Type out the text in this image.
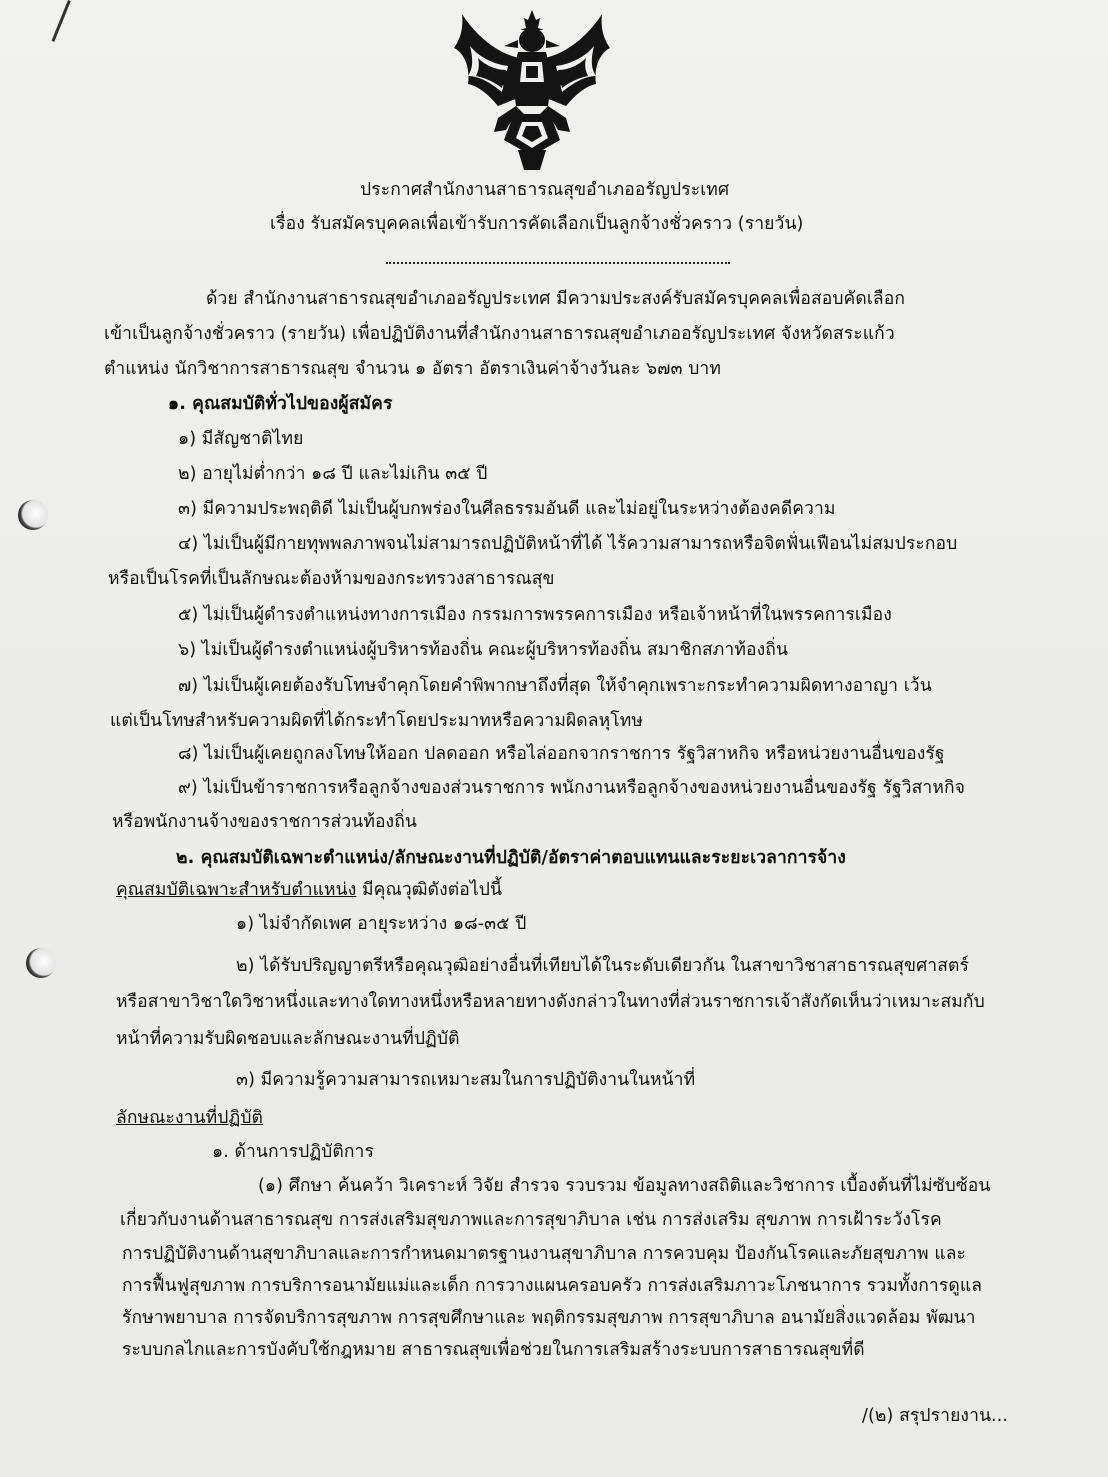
ประกาศสำนักงานสาธารณสุขอำเภออรัญประเทศ
เรื่อง รับสมัครบุคคลเพื่อเข้ารับการคัดเลือกเป็นลูกจ้างชั่วคราว (รายวัน)
ด้วย สำนักงานสาธารณสุขอำเภออรัญประเทศ มีความประสงค์รับสมัครบุคคลเพื่อสอบคัดเลือก
เข้าเป็นลูกจ้างชั่วคราว (รายวัน) เพื่อปฏิบัติงานที่สำนักงานสาธารณสุขอำเภออรัญประเทศ จังหวัดสระแก้ว
ตำแหน่ง นักวิชาการสาธารณสุข จำนวน ๑ อัตรา อัตราเงินค่าจ้างวันละ ๖๗๓ บาท
๑. คุณสมบัติทั่วไปของผู้สมัคร
๑) มีสัญชาติไทย
๒) อายุไม่ต่ำกว่า ๑๘ ปี และไม่เกิน ๓๕ ปี
๓) มีความประพฤติดี ไม่เป็นผู้บกพร่องในศีลธรรมอันดี และไม่อยู่ในระหว่างต้องคดีความ
๔) ไม่เป็นผู้มีกายทุพพลภาพจนไม่สามารถปฏิบัติหน้าที่ได้ ไร้ความสามารถหรือจิตฟั่นเฟือนไม่สมประกอบ
หรือเป็นโรคที่เป็นลักษณะต้องห้ามของกระทรวงสาธารณสุข
๕) ไม่เป็นผู้ดำรงตำแหน่งทางการเมือง กรรมการพรรคการเมือง หรือเจ้าหน้าที่ในพรรคการเมือง
๖) ไม่เป็นผู้ดำรงตำแหน่งผู้บริหารท้องถิ่น คณะผู้บริหารท้องถิ่น สมาชิกสภาท้องถิ่น
๗) ไม่เป็นผู้เคยต้องรับโทษจำคุกโดยคำพิพากษาถึงที่สุด ให้จำคุกเพราะกระทำความผิดทางอาญา เว้น
แต่เป็นโทษสำหรับความผิดที่ได้กระทำโดยประมาทหรือความผิดลหุโทษ
๘) ไม่เป็นผู้เคยถูกลงโทษให้ออก ปลดออก หรือไล่ออกจากราชการ รัฐวิสาหกิจ หรือหน่วยงานอื่นของรัฐ
๙) ไม่เป็นข้าราชการหรือลูกจ้างของส่วนราชการ พนักงานหรือลูกจ้างของหน่วยงานอื่นของรัฐ รัฐวิสาหกิจ
หรือพนักงานจ้างของราชการส่วนท้องถิ่น
๒. คุณสมบัติเฉพาะตำแหน่ง/ลักษณะงานที่ปฏิบัติ/อัตราค่าตอบแทนและระยะเวลาการจ้าง
คุณสมบัติเฉพาะสำหรับตำแหน่ง มีคุณวุฒิดังต่อไปนี้
๑) ไม่จำกัดเพศ อายุระหว่าง ๑๘-๓๕ ปี
๒) ได้รับปริญญาตรีหรือคุณวุฒิอย่างอื่นที่เทียบได้ในระดับเดียวกัน ในสาขาวิชาสาธารณสุขศาสตร์
หรือสาขาวิชาใดวิชาหนึ่งและทางใดทางหนึ่งหรือหลายทางดังกล่าวในทางที่ส่วนราชการเจ้าสังกัดเห็นว่าเหมาะสมกับ
หน้าที่ความรับผิดชอบและลักษณะงานที่ปฏิบัติ
๓) มีความรู้ความสามารถเหมาะสมในการปฏิบัติงานในหน้าที่
ลักษณะงานที่ปฏิบัติ
๑. ด้านการปฏิบัติการ
(๑) ศึกษา ค้นคว้า วิเคราะห์ วิจัย สำรวจ รวบรวม ข้อมูลทางสถิติและวิชาการ เบื้องต้นที่ไม่ซับซ้อน
เกี่ยวกับงานด้านสาธารณสุข การส่งเสริมสุขภาพและการสุขาภิบาล เช่น การส่งเสริม สุขภาพ การเฝ้าระวังโรค
การปฏิบัติงานด้านสุขาภิบาลและการกำหนดมาตรฐานงานสุขาภิบาล การควบคุม ป้องกันโรคและภัยสุขภาพ และ
การฟื้นฟูสุขภาพ การบริการอนามัยแม่และเด็ก การวางแผนครอบครัว การส่งเสริมภาวะโภชนาการ รวมทั้งการดูแล
รักษาพยาบาล การจัดบริการสุขภาพ การสุขศึกษาและ พฤติกรรมสุขภาพ การสุขาภิบาล อนามัยสิ่งแวดล้อม พัฒนา
ระบบกลไกและการบังคับใช้กฎหมาย สาธารณสุขเพื่อช่วยในการเสริมสร้างระบบการสาธารณสุขที่ดี
/(๒) สรุปรายงาน...
